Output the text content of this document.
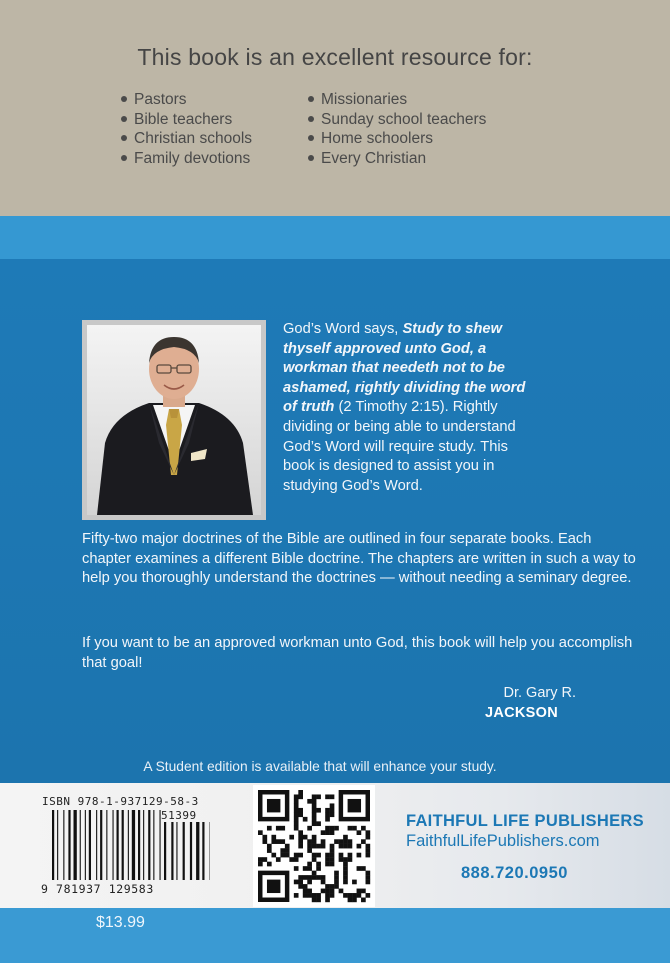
This book is an excellent resource for:
Pastors
Bible teachers
Christian schools
Family devotions
Missionaries
Sunday school teachers
Home schoolers
Every Christian
God’s Word says, Study to shew thyself approved unto God, a workman that needeth not to be ashamed, rightly dividing the word of truth (2 Timothy 2:15). Rightly dividing or being able to understand God’s Word will require study. This book is designed to assist you in studying God’s Word.
Fifty-two major doctrines of the Bible are outlined in four separate books. Each chapter examines a different Bible doctrine. The chapters are written in such a way to help you thoroughly understand the doctrines — without needing a seminary degree.
If you want to be an approved workman unto God, this book will help you accomplish that goal!
Dr. Gary R.
JACKSON
A Student edition is available that will enhance your study.
ISBN 978-1-937129-58-3
51399
9 781937 129583
FAITHFUL LIFE PUBLISHERS
FaithfulLifePublishers.com
888.720.0950
$13.99
